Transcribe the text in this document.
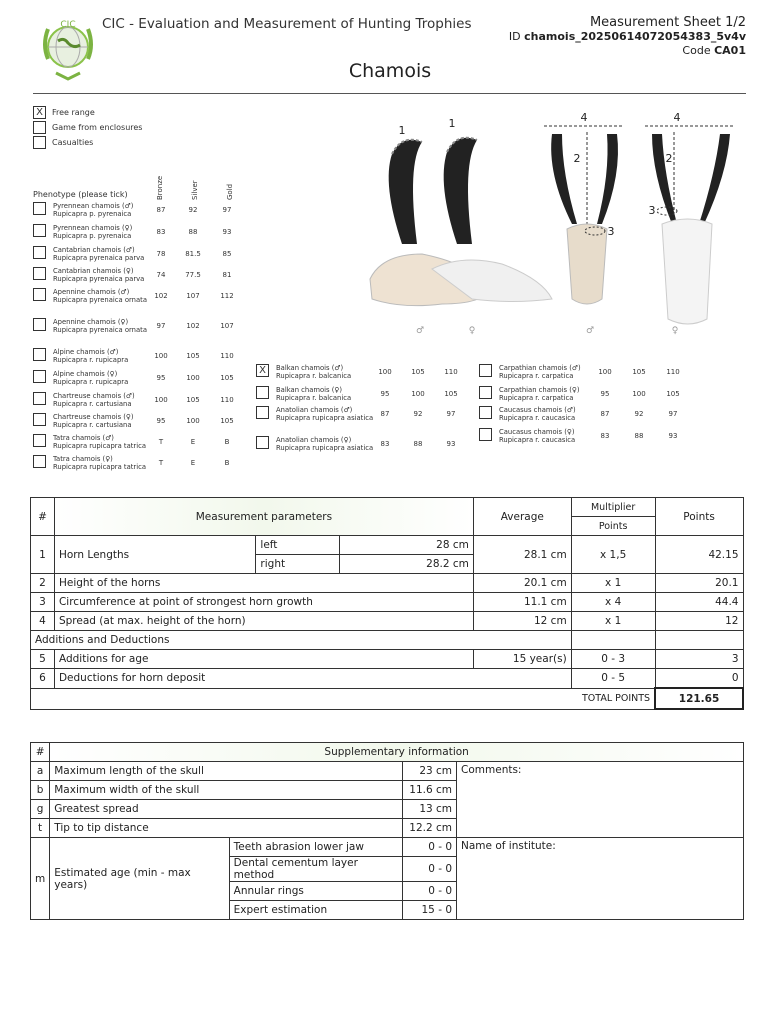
CIC CIC - Evaluation and Measurement of Hunting Trophies
Chamois
Measurement Sheet 1/2
ID chamois_20250614072054383_5v4v
Code CA01
X Free range
Game from enclosures
Casualties
Phenotype (please tick)	Bronze	Silver	Gold
Pyrennean chamois (♂)
Rupicapra p. pyrenaica	87	92	97
Pyrennean chamois (♀)
Rupicapra p. pyrenaica	83	88	93
Cantabrian chamois (♂)
Rupicapra pyrenaica parva	78	81.5	85
Cantabrian chamois (♀)
Rupicapra pyrenaica parva	74	77.5	81
Apennine chamois (♂)
Rupicapra pyrenaica ornata	102	107	112
Apennine chamois (♀)
Rupicapra pyrenaica ornata	97	102	107
Alpine chamois (♂)
Rupicapra r. rupicapra	100	105	110
Alpine chamois (♀)
Rupicapra r. rupicapra	95	100	105
Chartreuse chamois (♂)
Rupicapra r. cartusiana	100	105	110
Chartreuse chamois (♀)
Rupicapra r. cartusiana	95	100	105
Tatra chamois (♂)
Rupicapra rupicapra tatrica	T	E	B
Tatra chamois (♀)
Rupicapra rupicapra tatrica	T	E	B
X	Balkan chamois (♂)
Rupicapra r. balcanica	100	105	110
Balkan chamois (♀)
Rupicapra r. balcanica	95	100	105
Anatolian chamois (♂)
Rupicapra rupicapra asiatica	87	92	97
Anatolian chamois (♀)
Rupicapra rupicapra asiatica	83	88	93
Carpathian chamois (♂)
Rupicapra r. carpatica	100	105	110
Carpathian chamois (♀)
Rupicapra r. carpatica	95	100	105
Caucasus chamois (♂)
Rupicapra r. caucasica	87	92	97
Caucasus chamois (♀)
Rupicapra r. caucasica	83	88	93
1
1	4	4
2	2
3
3
♂	♀	♂	♀
#	Measurement parameters			Average	Multiplier	Points
					Points	
1	Horn Lengths	left	28 cm	28.1 cm	x 1,5	42.15
		right	28.2 cm			
2	Height of the horns			20.1 cm	x 1	20.1
3	Circumference at point of strongest horn growth			11.1 cm	x 4	44.4
4	Spread (at max. height of the horn)			12 cm	x 1	12
Additions and Deductions						
5	Additions for age			15 year(s)	0 - 3	3
6	Deductions for horn deposit				0 - 5	0
TOTAL POINTS						121.65
#	Supplementary information			
a	Maximum length of the skull		23 cm	Comments:
b	Maximum width of the skull		11.6 cm	
g	Greatest spread		13 cm	
t	Tip to tip distance		12.2 cm	
m	Estimated age (min - max years)	Teeth abrasion lower jaw	0 - 0	Name of institute:
		Dental cementum layer method	0 - 0	
		Annular rings	0 - 0	
		Expert estimation	15 - 0	
